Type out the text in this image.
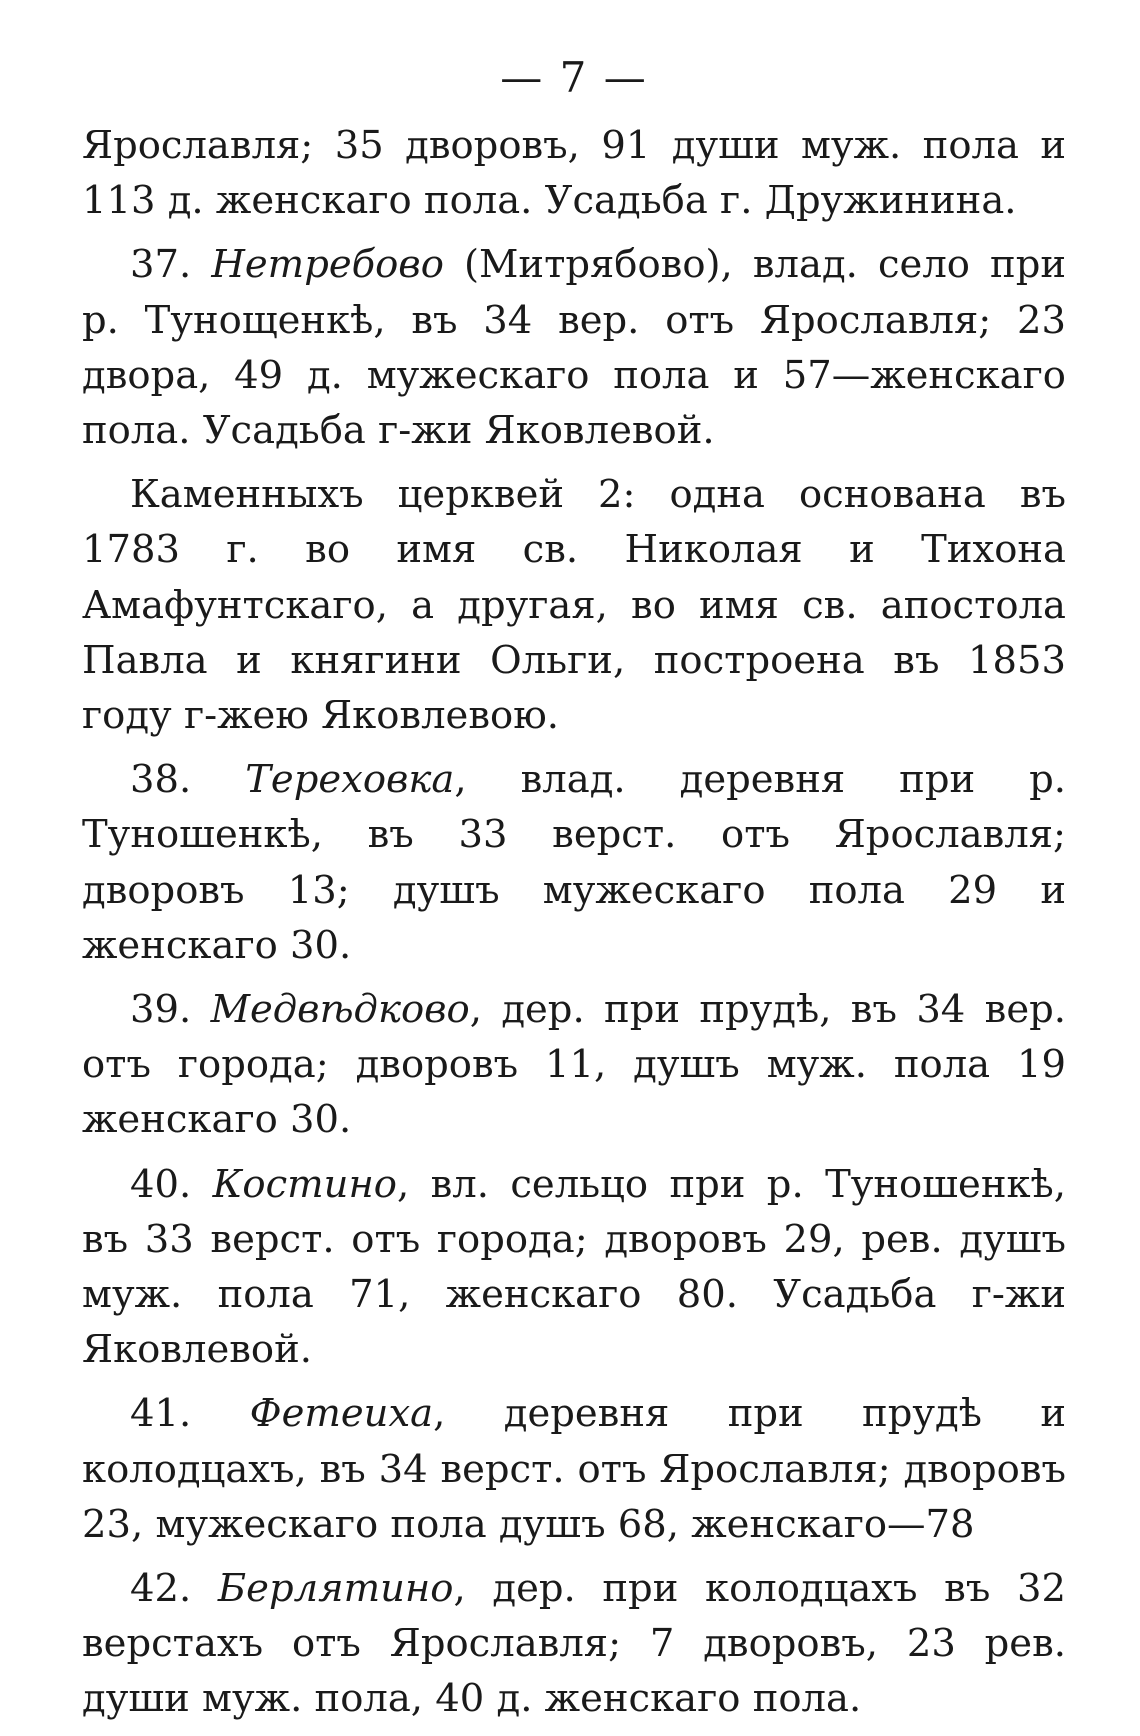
— 7 —

Ярославля; 35 дворовъ, 91 души муж. пола и 113 д. женскаго пола. Усадьба г. Дружинина.

37. Нетребово (Митрябово), влад. село при р. Тунощенкѣ, въ 34 вер. отъ Ярославля; 23 двора, 49 д. мужескаго пола и 57—женскаго пола. Усадьба г-жи Яковлевой.

Каменныхъ церквей 2: одна основана въ 1783 г. во имя св. Николая и Тихона Амафунтскаго, а другая, во имя св. апостола Павла и княгини Ольги, построена въ 1853 году г-жею Яковлевою.

38. Тереховка, влад. деревня при р. Туношенкѣ, въ 33 верст. отъ Ярославля; дворовъ 13; душъ мужескаго пола 29 и женскаго 30.

39. Медвѣдково, дер. при прудѣ, въ 34 вер. отъ города; дворовъ 11, душъ муж. пола 19 женскаго 30.

40. Костино, вл. сельцо при р. Туношенкѣ, въ 33 верст. отъ города; дворовъ 29, рев. душъ муж. пола 71, женскаго 80. Усадьба г-жи Яковлевой.

41. Фетеиха, деревня при прудѣ и колодцахъ, въ 34 верст. отъ Ярославля; дворовъ 23, мужескаго пола душъ 68, женскаго—78

42. Берлятино, дер. при колодцахъ въ 32 верстахъ отъ Ярославля; 7 дворовъ, 23 рев. души муж. пола, 40 д. женскаго пола.
